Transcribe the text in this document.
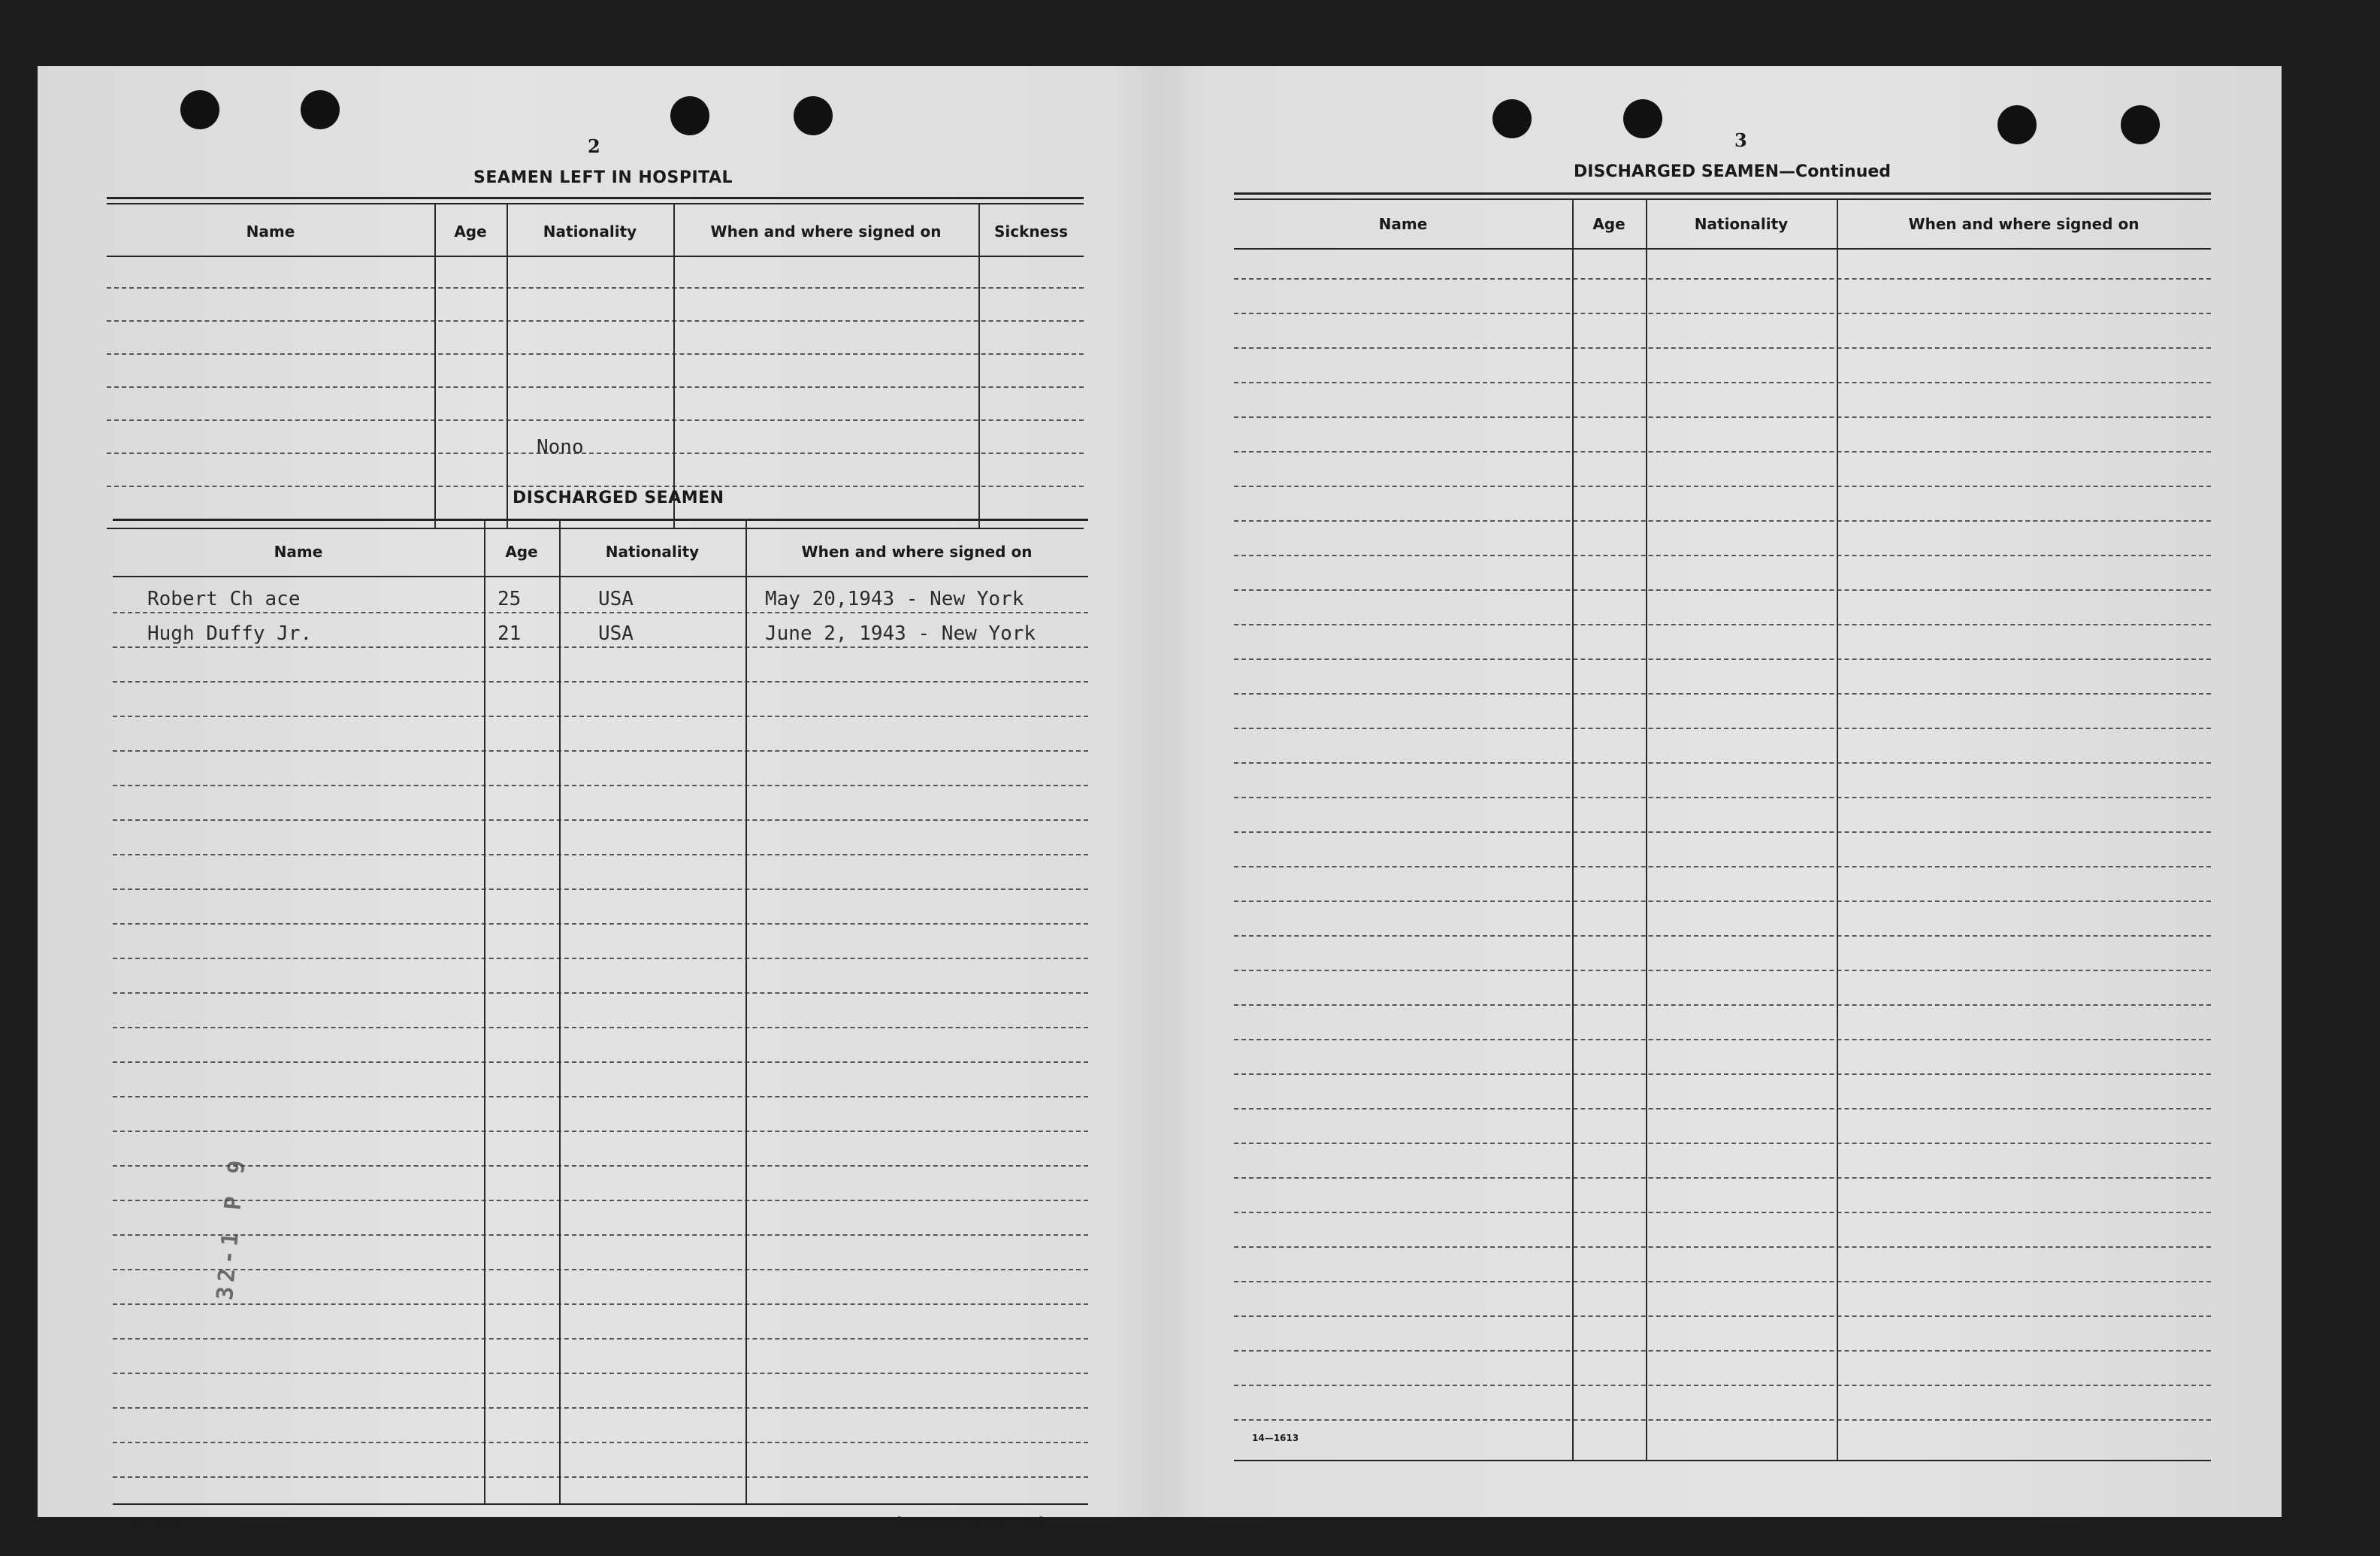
2
SEAMEN LEFT IN HOSPITAL
Name	Age	Nationality	When and where signed on	Sickness
Nono
DISCHARGED SEAMEN
Name	Age	Nationality	When and where signed on
Robert Ch ace	25	USA	May 20,1943 - New York
Hugh Duffy Jr.	21	USA	June 2, 1943 - New York
32-1 P 9
14—1613	[CONTINUED ON NEXT PAGE]
3
DISCHARGED SEAMEN—Continued
Name	Age	Nationality	When and where signed on
14—1613
